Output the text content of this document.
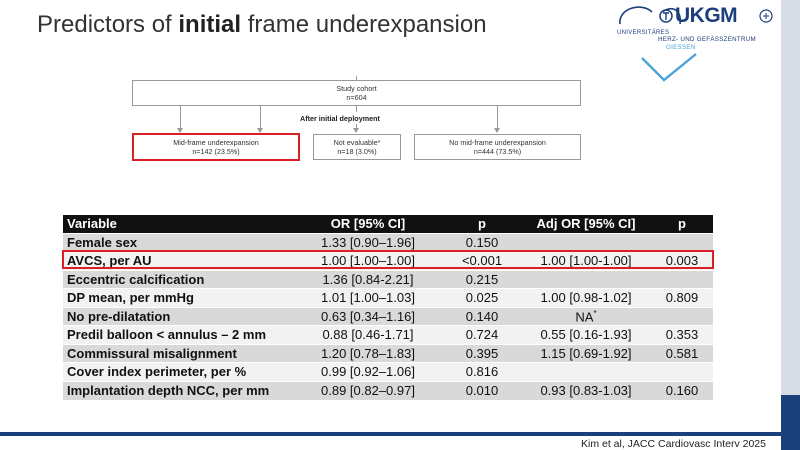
Predictors of initial frame underexpansion	UKGM
UNIVERSITÄRES
HERZ- UND GEFÄSSZENTRUM
GIESSEN
Study cohort
n=604
After initial deployment
Mid-frame underexpansion
n=142 (23.5%)
Not evaluable*
n=18 (3.0%)
No mid-frame underexpansion
n=444 (73.5%)
Variable	OR [95% CI]	p	Adj OR [95% CI]	p
Female sex	1.33 [0.90–1.96]	0.150		
AVCS, per AU	1.00 [1.00–1.00]	<0.001	1.00 [1.00-1.00]	0.003
Eccentric calcification	1.36 [0.84-2.21]	0.215		
DP mean, per mmHg	1.01 [1.00–1.03]	0.025	1.00 [0.98-1.02]	0.809
No pre-dilatation	0.63 [0.34–1.16]	0.140	NA*	
Predil balloon < annulus – 2 mm	0.88 [0.46-1.71]	0.724	0.55 [0.16-1.93]	0.353
Commissural misalignment	1.20 [0.78–1.83]	0.395	1.15 [0.69-1.92]	0.581
Cover index perimeter, per %	0.99 [0.92–1.06]	0.816		
Implantation depth NCC, per mm	0.89 [0.82–0.97]	0.010	0.93 [0.83-1.03]	0.160
Kim et al, JACC Cardiovasc Interv 2025
